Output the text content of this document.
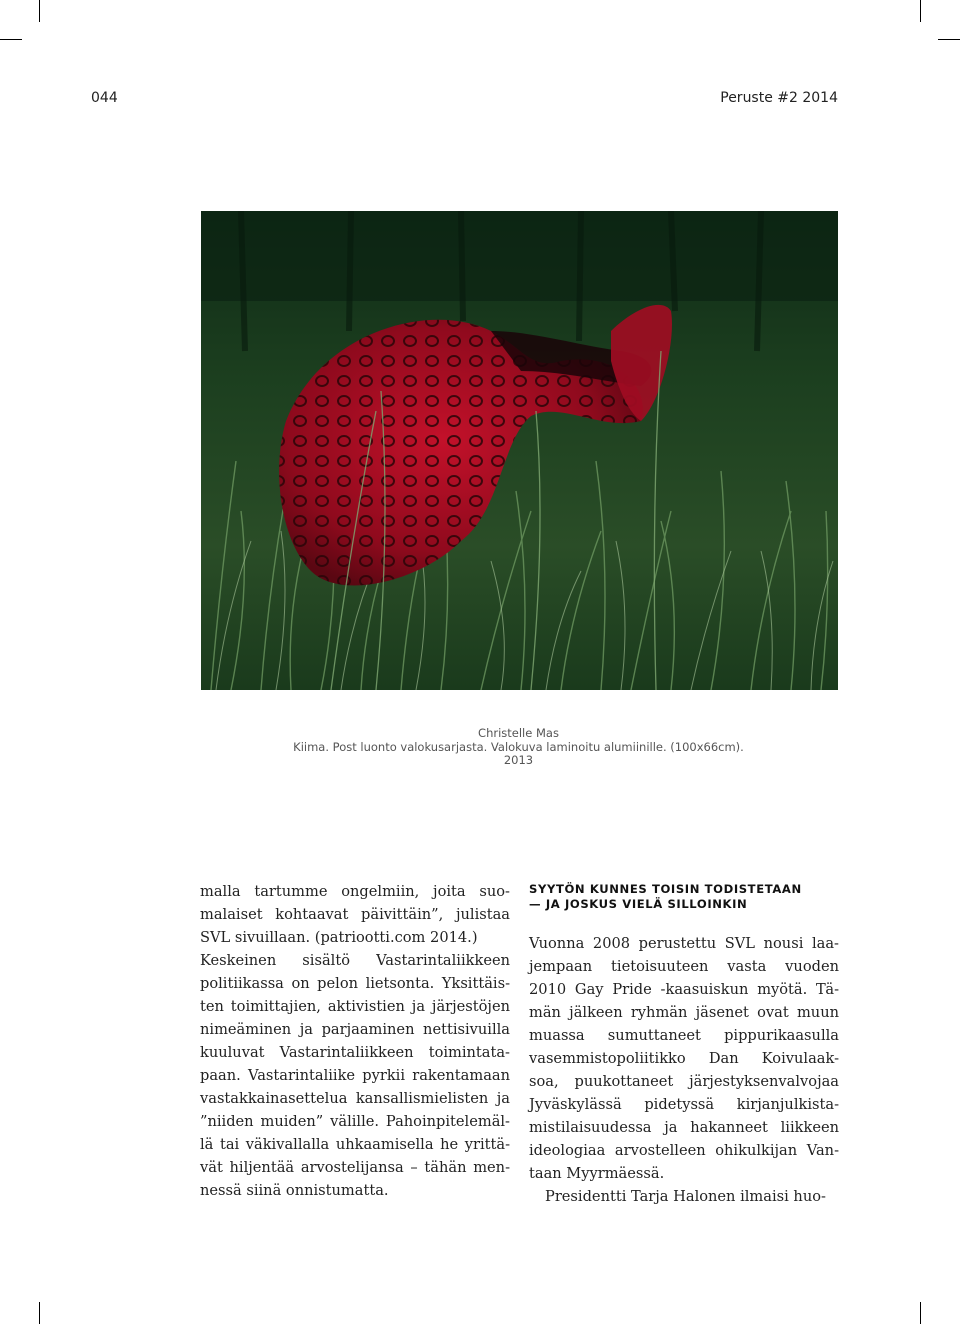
044	Peruste #2 2014
Christelle Mas
Kiima. Post luonto valokusarjasta. Valokuva laminoitu alumiinille. (100x66cm).
2013
malla tartumme ongelmiin, joita suo-
malaiset kohtaavat päivittäin”, julistaa
SVL sivuillaan. (patriootti.com 2014.)
Keskeinen sisältö Vastarintaliikkeen
politiikassa on pelon lietsonta. Yksittäis-
ten toimittajien, aktivistien ja järjestöjen
nimeäminen ja parjaaminen nettisivuilla
kuuluvat Vastarintaliikkeen toimintata-
paan. Vastarintaliike pyrkii rakentamaan
vastakkainasettelua kansallismielisten ja
”niiden muiden” välille. Pahoinpitelemäl-
lä tai väkivallalla uhkaamisella he yrittä-
vät hiljentää arvostelijansa – tähän men-
nessä siinä onnistumatta.
SYYTÖN KUNNES TOISIN TODISTETAAN
— JA JOSKUS VIELÄ SILLOINKIN
Vuonna 2008 perustettu SVL nousi laa-
jempaan tietoisuuteen vasta vuoden
2010 Gay Pride -kaasuiskun myötä. Tä-
män jälkeen ryhmän jäsenet ovat muun
muassa sumuttaneet pippurikaasulla
vasemmistopoliitikko Dan Koivulaak-
soa, puukottaneet järjestyksenvalvojaa
Jyväskylässä pidetyssä kirjanjulkista-
mistilaisuudessa ja hakanneet liikkeen
ideologiaa arvostelleen ohikulkijan Van-
taan Myyrmäessä.
Presidentti Tarja Halonen ilmaisi huo-
